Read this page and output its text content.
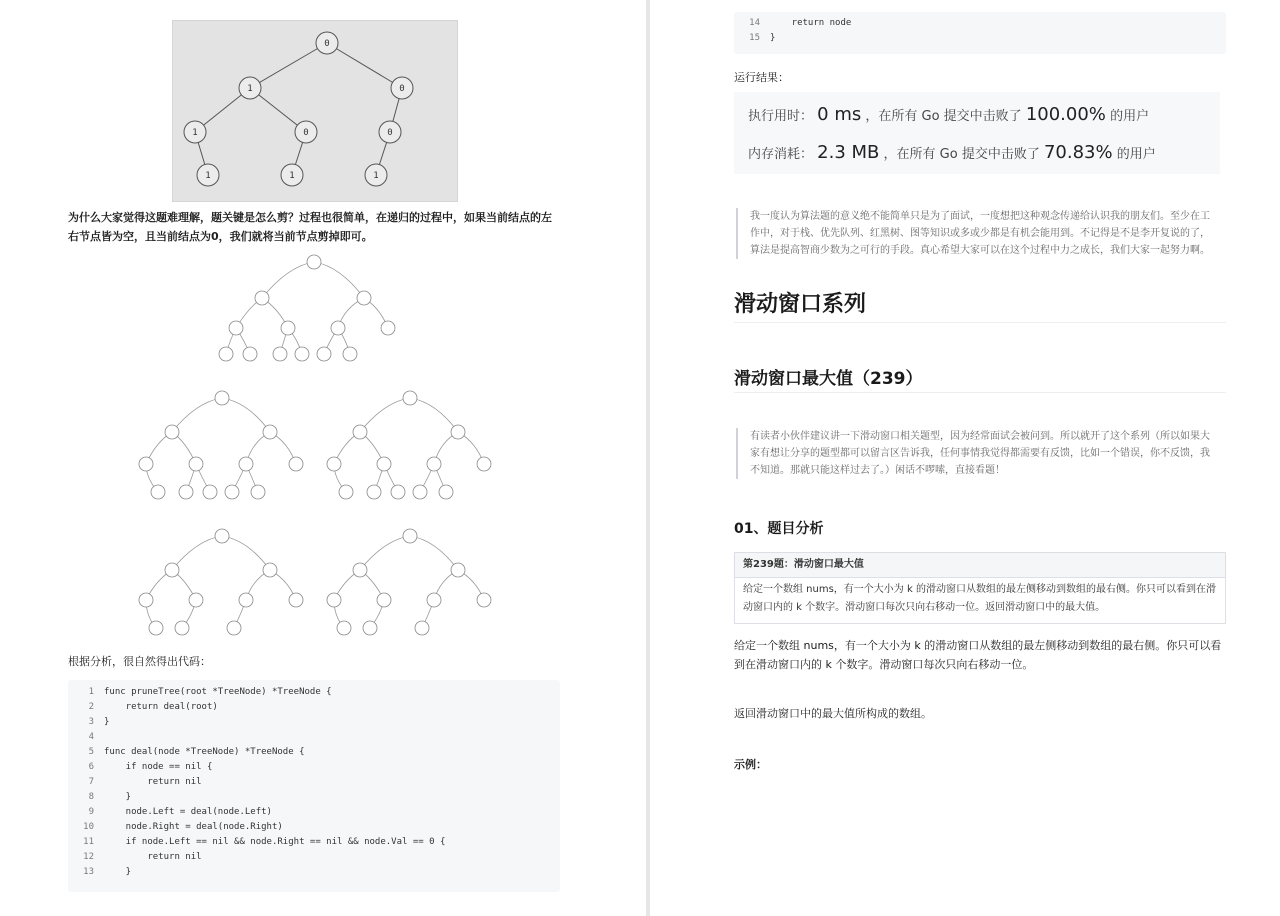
0
1	0
1	0	0
1	1	1

为什么大家觉得这题难理解，题关键是怎么剪？过程也很简单，在递归的过程中，如果当前结点的左右节点皆为空，且当前结点为0，我们就将当前节点剪掉即可。

根据分析，很自然得出代码：

1 func pruneTree(root *TreeNode) *TreeNode {
2 return deal(root)
3 }
4
5 func deal(node *TreeNode) *TreeNode {
6 if node == nil {
7 return nil
8 }
9 node.Left = deal(node.Left)
10 node.Right = deal(node.Right)
11 if node.Left == nil && node.Right == nil && node.Val == 0 {
12 return nil
13 }
14 return node
15 }

运行结果：

执行用时： 0 ms ，在所有 Go 提交中击败了 100.00% 的用户
内存消耗： 2.3 MB ，在所有 Go 提交中击败了 70.83% 的用户
我一度认为算法题的意义绝不能简单只是为了面试，一度想把这种观念传递给认识我的朋友们。至少在工作中，对于栈、优先队列、红黑树、图等知识或多或少都是有机会能用到。不记得是不是李开复说的了，算法是提高智商少数为之可行的手段。真心希望大家可以在这个过程中力之成长，我们大家一起努力啊。
滑动窗口系列
滑动窗口最大值（239）
有读者小伙伴建议讲一下滑动窗口相关题型，因为经常面试会被问到。所以就开了这个系列（所以如果大家有想让分享的题型都可以留言区告诉我，任何事情我觉得都需要有反馈，比如一个错误，你不反馈，我不知道。那就只能这样过去了。）闲话不啰嗦，直接看题！
01、题目分析
第239题：滑动窗口最大值
给定一个数组 nums，有一个大小为 k 的滑动窗口从数组的最左侧移动到数组的最右侧。你只可以看到在滑动窗口内的 k 个数字。滑动窗口每次只向右移动一位。返回滑动窗口中的最大值。

给定一个数组 nums，有一个大小为 k 的滑动窗口从数组的最左侧移动到数组的最右侧。你只可以看到在滑动窗口内的 k 个数字。滑动窗口每次只向右移动一位。

返回滑动窗口中的最大值所构成的数组。

示例：
